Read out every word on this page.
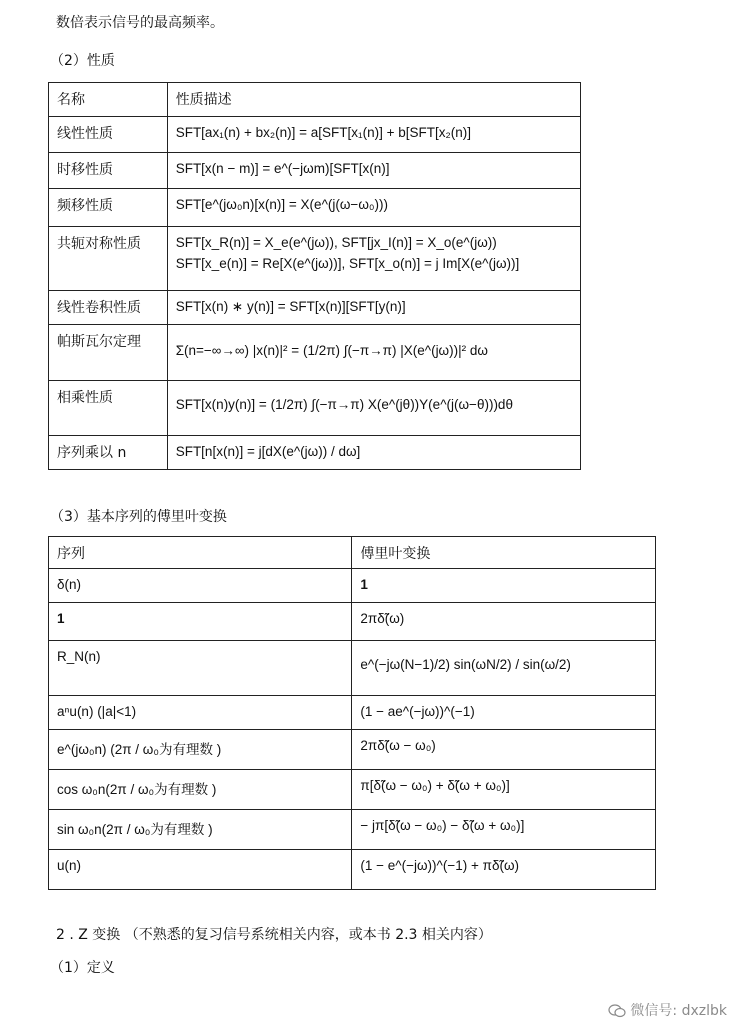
数倍表示信号的最高频率。
（2）性质
名称	性质描述

线性性质	SFT[ax₁(n) + bx₂(n)] = a[SFT[x₁(n)] + b[SFT[x₂(n)]

时移性质	SFT[x(n − m)] = e^(−jωm)[SFT[x(n)]

频移性质	SFT[e^(jω₀n)[x(n)] = X(e^(j(ω−ω₀)))

共轭对称性质	SFT[x_R(n)] = X_e(e^(jω)), SFT[jx_I(n)] = X_o(e^(jω))
SFT[x_e(n)] = Re[X(e^(jω))], SFT[x_o(n)] = j Im[X(e^(jω))]

线性卷积性质	SFT[x(n) ∗ y(n)] = SFT[x(n)][SFT[y(n)]

帕斯瓦尔定理	Σ(n=−∞→∞) |x(n)|² = (1/2π) ∫(−π→π) |X(e^(jω))|² dω

相乘性质	SFT[x(n)y(n)] = (1/2π) ∫(−π→π) X(e^(jθ))Y(e^(j(ω−θ)))dθ

序列乘以 n	SFT[n[x(n)] = j[dX(e^(jω)) / dω]
（3）基本序列的傅里叶变换
序列	傅里叶变换

δ(n)	1

1	2πδ̃(ω)

R_N(n)	e^(−jω(N−1)/2) sin(ωN/2) / sin(ω/2)

aⁿu(n) (|a|<1)	(1 − ae^(−jω))^(−1)

e^(jω₀n) (2π / ω₀为有理数 )	2πδ̃(ω − ω₀)

cos ω₀n(2π / ω₀为有理数 )	π[δ̃(ω − ω₀) + δ̃(ω + ω₀)]

sin ω₀n(2π / ω₀为有理数 )	− jπ[δ̃(ω − ω₀) − δ̃(ω + ω₀)]

u(n)	(1 − e^(−jω))^(−1) + πδ̃(ω)
2 . Z 变换 （不熟悉的复习信号系统相关内容，或本书 2.3 相关内容）
（1）定义
微信号: dxzlbk
